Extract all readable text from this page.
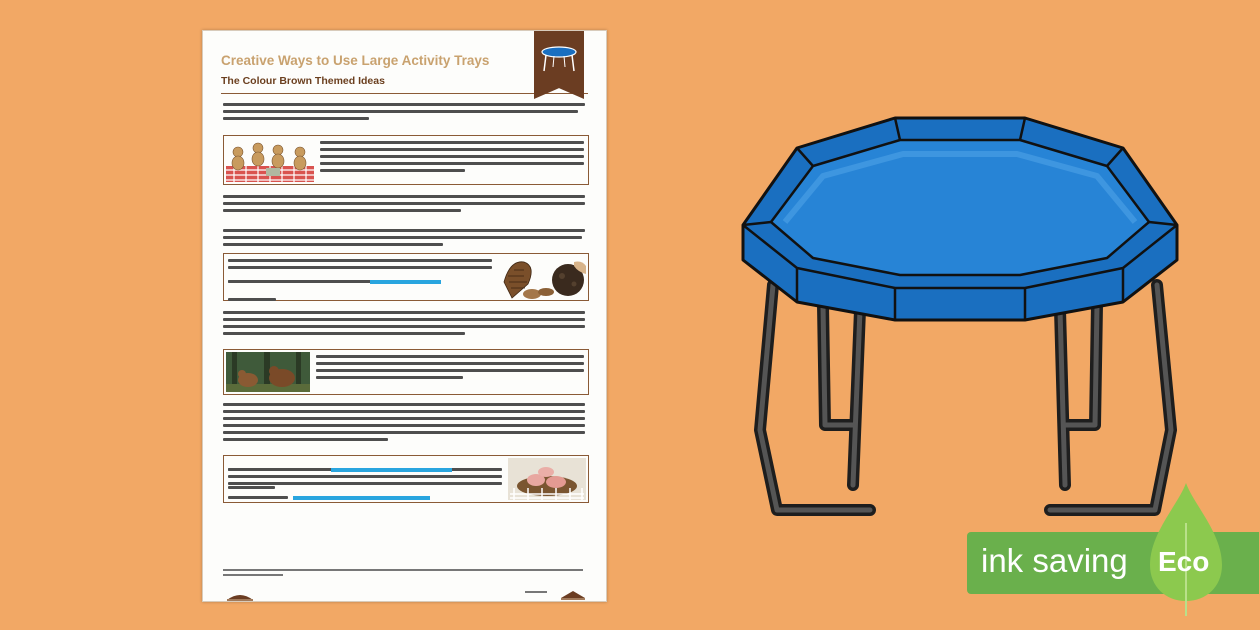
Creative Ways to Use Large Activity Trays
The Colour Brown Themed Ideas

ink saving Eco
